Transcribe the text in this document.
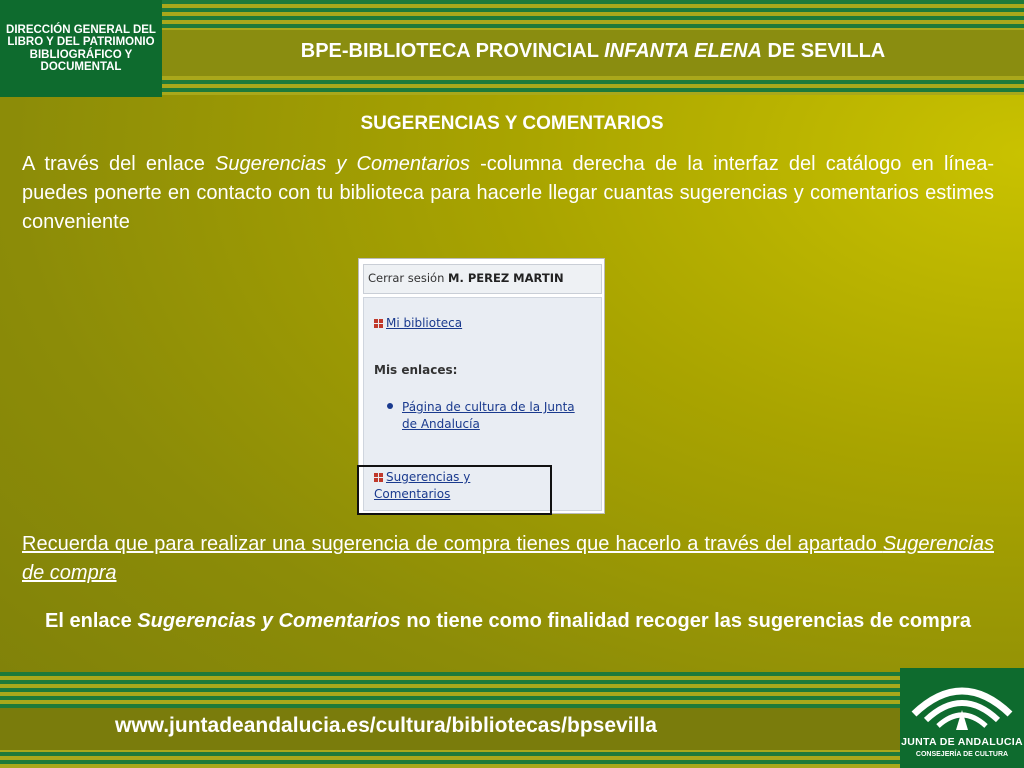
DIRECCIÓN GENERAL DEL LIBRO Y DEL PATRIMONIO BIBLIOGRÁFICO Y DOCUMENTAL
BPE-BIBLIOTECA PROVINCIAL INFANTA ELENA DE SEVILLA
SUGERENCIAS Y COMENTARIOS
A través del enlace Sugerencias y Comentarios -columna derecha de la interfaz del catálogo en línea- puedes ponerte en contacto con tu biblioteca para hacerle llegar cuantas sugerencias y comentarios estimes conveniente
Cerrar sesión M. PEREZ MARTIN
Mi biblioteca
Mis enlaces:
Página de cultura de la Junta de Andalucía
Sugerencias y Comentarios
Recuerda que para realizar una sugerencia de compra tienes que hacerlo a través del apartado Sugerencias de compra
El enlace Sugerencias y Comentarios no tiene como finalidad recoger las sugerencias de compra
www.juntadeandalucia.es/cultura/bibliotecas/bpsevilla
JUNTA DE ANDALUCIA
CONSEJERÍA DE CULTURA
